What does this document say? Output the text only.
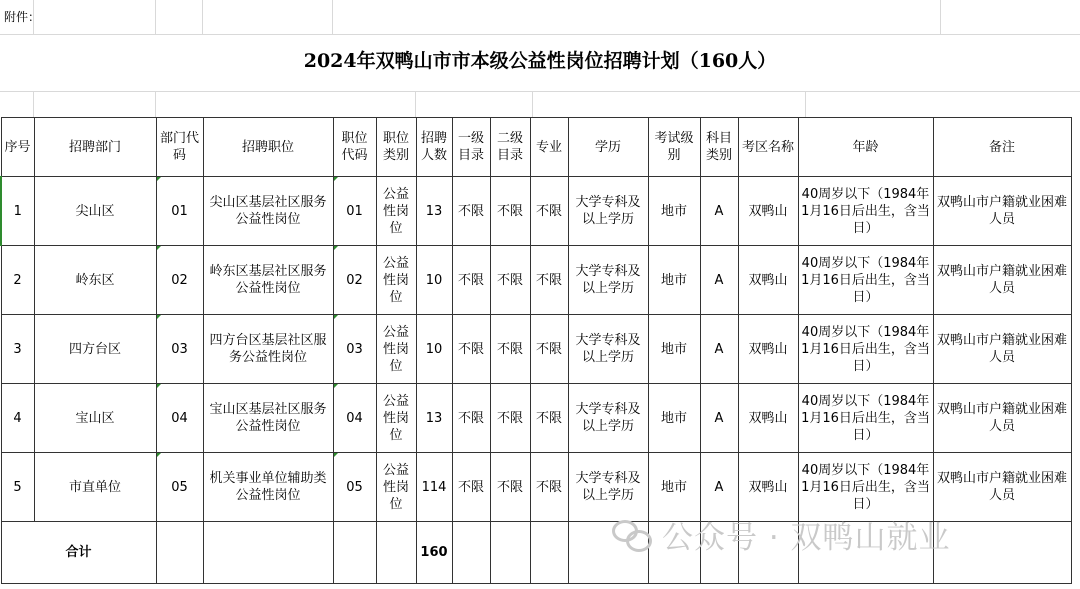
附件：
2024年双鸭山市市本级公益性岗位招聘计划（160人）
序号	招聘部门	部门代码	招聘职位	职位代码	职位类别	招聘人数	一级目录	二级目录	专业	学历	考试级别	科目类别	考区名称	年龄	备注
1	尖山区	01	尖山区基层社区服务公益性岗位	01	公益性岗位	13	不限	不限	不限	大学专科及以上学历	地市	A	双鸭山	40周岁以下（1984年1月16日后出生，含当日）	双鸭山市户籍就业困难人员
2	岭东区	02	岭东区基层社区服务公益性岗位	02	公益性岗位	10	不限	不限	不限	大学专科及以上学历	地市	A	双鸭山	40周岁以下（1984年1月16日后出生，含当日）	双鸭山市户籍就业困难人员
3	四方台区	03	四方台区基层社区服务公益性岗位	03	公益性岗位	10	不限	不限	不限	大学专科及以上学历	地市	A	双鸭山	40周岁以下（1984年1月16日后出生，含当日）	双鸭山市户籍就业困难人员
4	宝山区	04	宝山区基层社区服务公益性岗位	04	公益性岗位	13	不限	不限	不限	大学专科及以上学历	地市	A	双鸭山	40周岁以下（1984年1月16日后出生，含当日）	双鸭山市户籍就业困难人员
5	市直单位	05	机关事业单位辅助类公益性岗位	05	公益性岗位	114	不限	不限	不限	大学专科及以上学历	地市	A	双鸭山	40周岁以下（1984年1月16日后出生，含当日）	双鸭山市户籍就业困难人员
合计						160										公众号 · 双鸭山就业
